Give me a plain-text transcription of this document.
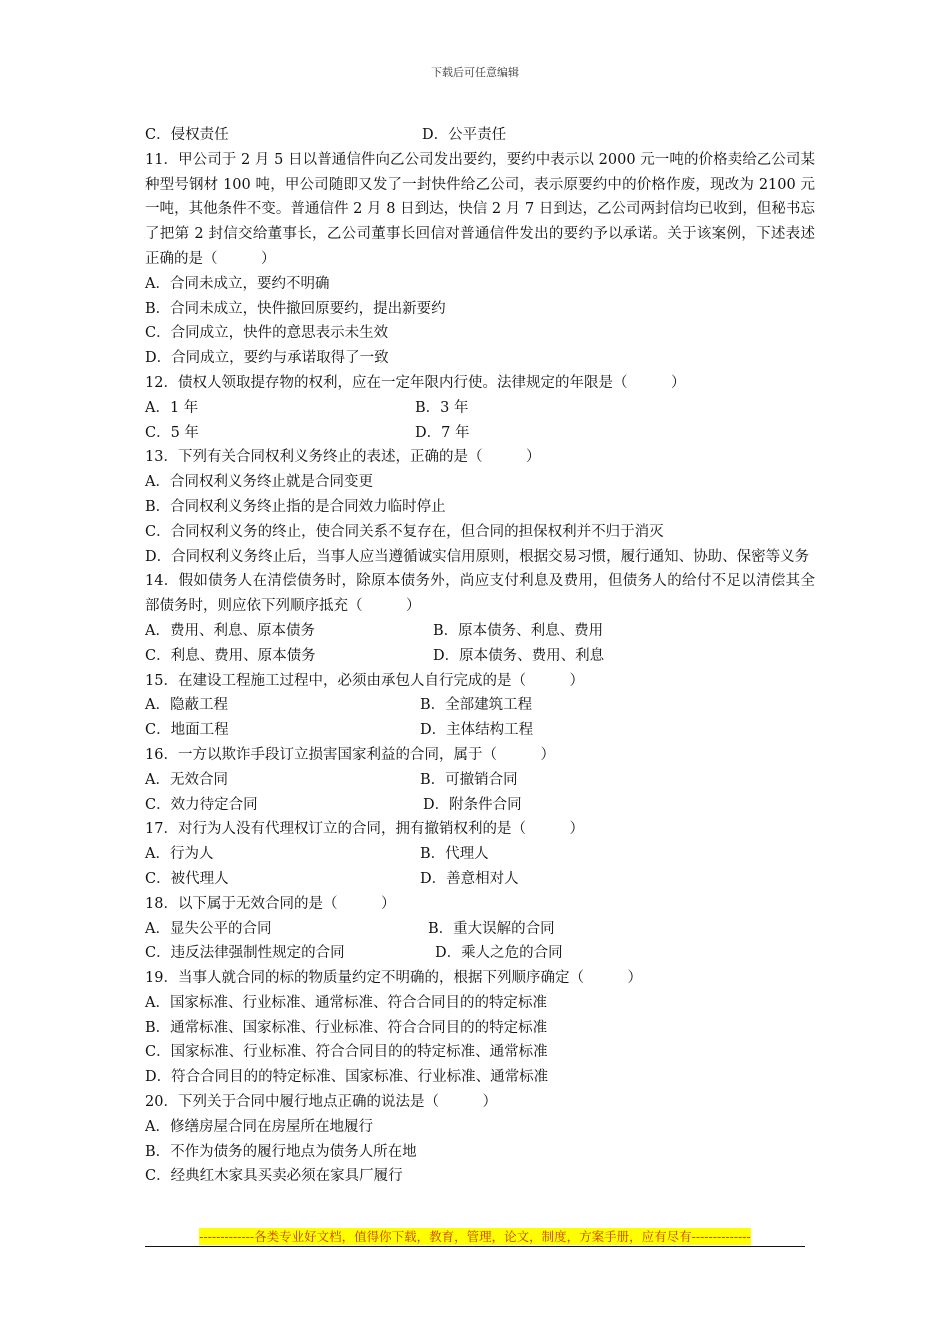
下载后可任意编辑
C．侵权责任	D．公平责任
11．甲公司于 2 月 5 日以普通信件向乙公司发出要约，要约中表示以 2000 元一吨的价格卖给乙公司某种型号钢材 100 吨，甲公司随即又发了一封快件给乙公司，表示原要约中的价格作废，现改为 2100 元一吨，其他条件不变。普通信件 2 月 8 日到达，快信 2 月 7 日到达，乙公司两封信均已收到，但秘书忘了把第 2 封信交给董事长，乙公司董事长回信对普通信件发出的要约予以承诺。关于该案例，下述表述正确的是（　　　）
A．合同未成立，要约不明确
B．合同未成立，快件撤回原要约，提出新要约
C．合同成立，快件的意思表示未生效
D．合同成立，要约与承诺取得了一致
12．债权人领取提存物的权利，应在一定年限内行使。法律规定的年限是（　　　）
A．1 年	B．3 年
C．5 年	D．7 年
13．下列有关合同权利义务终止的表述，正确的是（　　　）
A．合同权利义务终止就是合同变更
B．合同权利义务终止指的是合同效力临时停止
C．合同权利义务的终止，使合同关系不复存在，但合同的担保权利并不归于消灭
D．合同权利义务终止后，当事人应当遵循诚实信用原则，根据交易习惯，履行通知、协助、保密等义务
14．假如债务人在清偿债务时，除原本债务外，尚应支付利息及费用，但债务人的给付不足以清偿其全部债务时，则应依下列顺序抵充（　　　）
A．费用、利息、原本债务	B．原本债务、利息、费用
C．利息、费用、原本债务	D．原本债务、费用、利息
15．在建设工程施工过程中，必须由承包人自行完成的是（　　　）
A．隐蔽工程	B．全部建筑工程
C．地面工程	D．主体结构工程
16．一方以欺诈手段订立损害国家利益的合同，属于（　　　）
A．无效合同	B．可撤销合同
C．效力待定合同	D．附条件合同
17．对行为人没有代理权订立的合同，拥有撤销权利的是（　　　）
A．行为人	B．代理人
C．被代理人	D．善意相对人
18．以下属于无效合同的是（　　　）
A．显失公平的合同	B．重大误解的合同
C．违反法律强制性规定的合同	D．乘人之危的合同
19．当事人就合同的标的物质量约定不明确的，根据下列顺序确定（　　　）
A．国家标准、行业标准、通常标准、符合合同目的的特定标准
B．通常标准、国家标准、行业标准、符合合同目的的特定标准
C．国家标准、行业标准、符合合同目的的特定标准、通常标准
D．符合合同目的的特定标准、国家标准、行业标准、通常标准
20．下列关于合同中履行地点正确的说法是（　　　）
A．修缮房屋合同在房屋所在地履行
B．不作为债务的履行地点为债务人所在地
C．经典红木家具买卖必须在家具厂履行
-------------各类专业好文档，值得你下载，教育，管理，论文，制度，方案手册，应有尽有--------------
